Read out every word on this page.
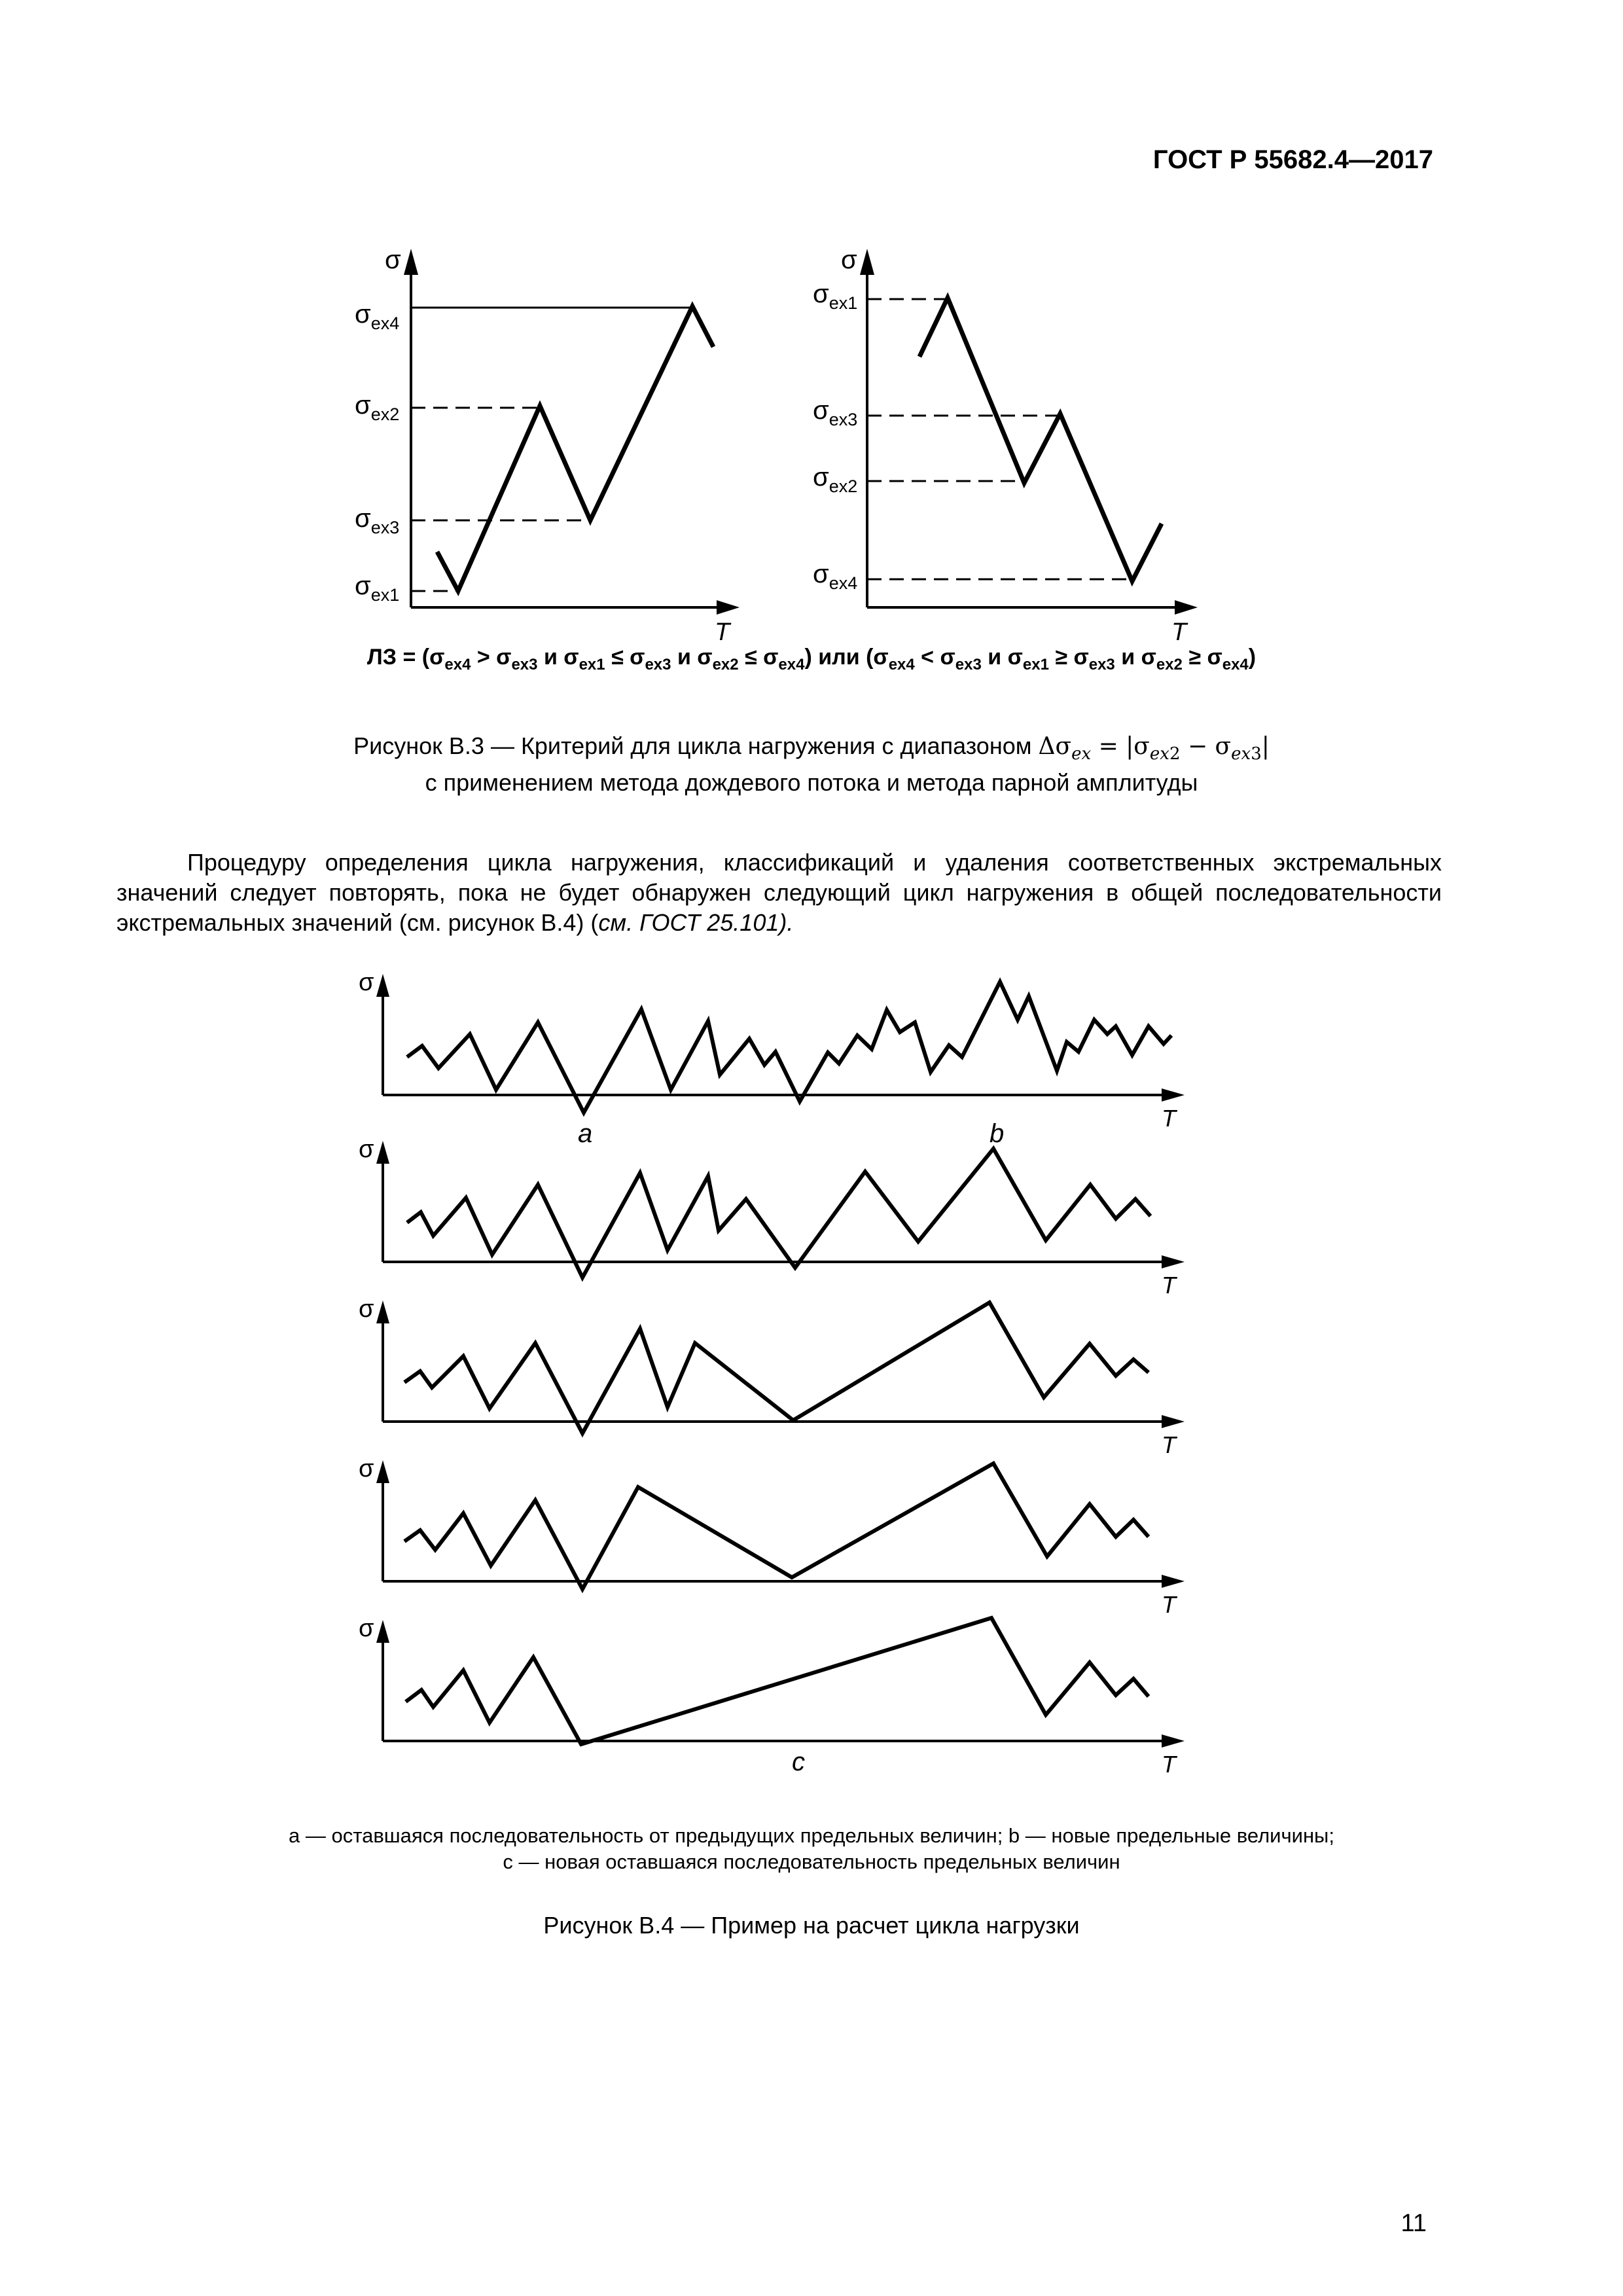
ГОСТ Р 55682.4—2017
σ
T
$\sigma_{ex4}$
$\sigma_{ex2}$
$\sigma_{ex3}$
$\sigma_{ex1}$
σ
T
$\sigma_{ex1}$
$\sigma_{ex3}$
$\sigma_{ex2}$
$\sigma_{ex4}$
ЛЗ = ($\sigma_{ex4} > \sigma_{ex3}$ и $\sigma_{ex1} \le \sigma_{ex3}$ и $\sigma_{ex2} \le \sigma_{ex4}$) или ($\sigma_{ex4} < \sigma_{ex3}$ и $\sigma_{ex1} \ge \sigma_{ex3}$ и $\sigma_{ex2} \ge \sigma_{ex4}$)
Рисунок В.3 — Критерий для цикла нагружения с диапазоном $\Delta\sigma_{ex} = |\sigma_{ex2} - \sigma_{ex3}|$
с применением метода дождевого потока и метода парной амплитуды

Процедуру определения цикла нагружения, классификаций и удаления соответственных экстремальных значений следует повторять, пока не будет обнаружен следующий цикл нагружения в общей последовательности экстремальных значений (см. рисунок В.4) (см. ГОСТ 25.101).

σ
T
σ
T
σ
T
σ
T
σ
T
a	b
c
a — оставшаяся последовательность от предыдущих предельных величин; b — новые предельные величины;
c — новая оставшаяся последовательность предельных величин
Рисунок В.4 — Пример на расчет цикла нагрузки
11
